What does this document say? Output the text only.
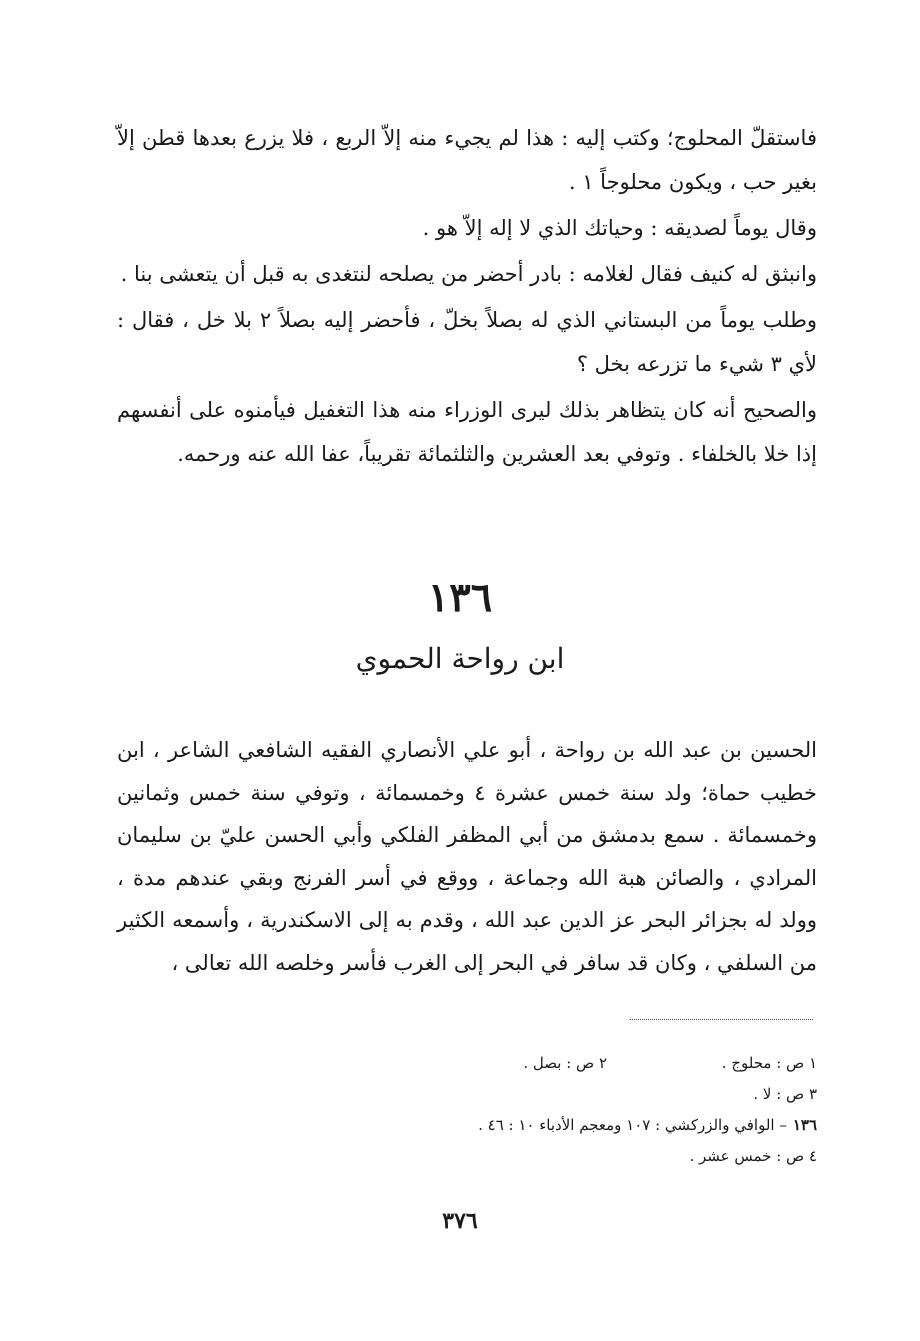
فاستقلّ المحلوج؛ وكتب إليه : هذا لم يجيء منه إلاّ الربع ، فلا يزرع بعدها قطن إلاّ بغير حب ، ويكون محلوجاً ١ .

وقال يوماً لصديقه : وحياتك الذي لا إله إلاّ هو .

وانبثق له كنيف فقال لغلامه : بادر أحضر من يصلحه لنتغدى به قبل أن يتعشى بنا .

وطلب يوماً من البستاني الذي له بصلاً بخلّ ، فأحضر إليه بصلاً ٢ بلا خل ، فقال : لأي ٣ شيء ما تزرعه بخل ؟

والصحيح أنه كان يتظاهر بذلك ليرى الوزراء منه هذا التغفيل فيأمنوه على أنفسهم إذا خلا بالخلفاء . وتوفي بعد العشرين والثلثمائة تقريباً، عفا الله عنه ورحمه.

١٣٦
ابن رواحة الحموي

الحسين بن عبد الله بن رواحة ، أبو علي الأنصاري الفقيه الشافعي الشاعر ، ابن خطيب حماة؛ ولد سنة خمس عشرة ٤ وخمسمائة ، وتوفي سنة خمس وثمانين وخمسمائة . سمع بدمشق من أبي المظفر الفلكي وأبي الحسن عليّ بن سليمان المرادي ، والصائن هبة الله وجماعة ، ووقع في أسر الفرنج وبقي عندهم مدة ، وولد له بجزائر البحر عز الدين عبد الله ، وقدم به إلى الاسكندرية ، وأسمعه الكثير من السلفي ، وكان قد سافر في البحر إلى الغرب فأسر وخلصه الله تعالى ،

١ ص : محلوج .
٢ ص : بصل .
٣ ص : لا .
١٣٦
– الوافي والزركشي : ١٠٧ ومعجم الأدباء ١٠ : ٤٦ .
٤ ص : خمس عشر .
٣٧٦
